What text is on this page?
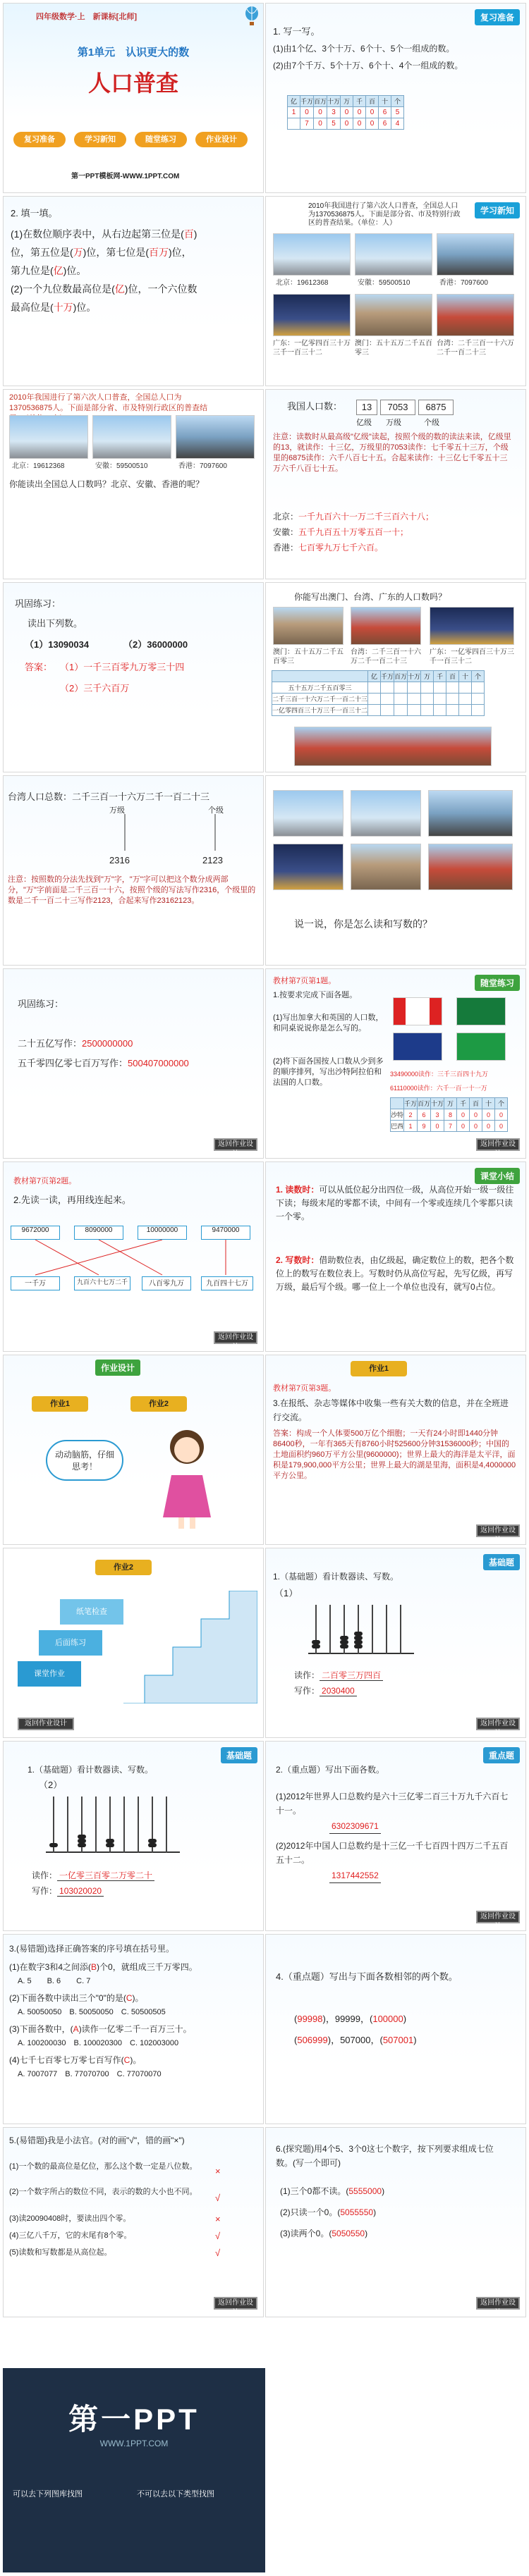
四年级数学·上　新课标[北师]
第1单元　认识更大的数
人口普查
复习准备	学习新知	随堂练习	作业设计
第一PPT模板网-WWW.1PPT.COM
复习准备
1. 写一写。
(1)由1个亿、3个十万、6个十、5个一组成的数。
(2)由7个千万、5个十万、6个十、4个一组成的数。
亿	千万	百万	十万	万	千	百	十	个
1	0	0	3	0	0	0	6	5
	7	0	5	0	0	0	6	4
2. 填一填。
(1)在数位顺序表中，从右边起第三位是(百)
位，第五位是(万)位，第七位是(百万)位，
第九位是(亿)位。
(2)一个九位数最高位是(亿)位，一个六位数
最高位是(十万)位。
学习新知
2010年我国进行了第六次人口普查，全国总人口为1370536875人。下面是部分省、市及特别行政区的普查结果。（单位：人）
北京：19612368	安徽：59500510	香港：7097600
广东：一亿零四百三十万三千一百三十二
澳门：五十五万二千五百零三
台湾：二千三百一十六万二千一百二十三
2010年我国进行了第六次人口普查，全国总人口为1370536875人。下面是部分省、市及特别行政区的普查结
北京：19612368	安徽：59500510	香港：7097600
你能读出全国总人口数吗？北京、安徽、香港的呢？
我国人口数：	13	7053	6875
亿级 万级	个级
注意：读数时从最高级"亿级"读起，按照个级的数的读法来读，亿级里的13，就读作：十三亿，万级里的7053读作：七千零五十三万，个级里的6875读作：六千八百七十五。合起来读作：十三亿七千零五十三万六千八百七十五。
北京：一千九百六十一万二千三百六十八；
安徽：五千九百五十万零五百一十；
香港：七百零九万七千六百。
巩固练习：
读出下列数。
（1）13090034	（2）36000000
答案： （1）一千三百零九万零三十四
（2）三千六百万
你能写出澳门、台湾、广东的人口数吗？
澳门：五十五万二千五百零三
台湾：二千三百一十六万二千一百二十三
广东：一亿零四百三十万三千一百三十二
	亿	千万	百万	十万	万	千	百	十	个
五十五万二千五百零三									
二千三百一十六万二千一百二十三									
一亿零四百三十万三千一百三十二									
台湾人口总数：二千三百一十六万二千一百二十三
万级	个级
2316	2123
注意：按照数的分法先找到"万"字，"万"字可以把这个数分成两部分，"万"字前面是二千三百一十六，按照个级的写法写作2316，个级里的数是二千一百二十三写作2123，合起来写作23162123。
说一说，你是怎么读和写数的？
巩固练习：
二十五亿写作：2500000000
五千零四亿零七百万写作：500407000000
返回作业设计
随堂练习
教材第7页第1题。
1.按要求完成下面各题。
(1)写出加拿大和英国的人口数，和同桌说说你是怎么写的。
(2)将下面各国按人口数从少到多的顺序排列，写出沙特阿拉伯和法国的人口数。
33490000读作：三千三百四十九万
61110000读作：六千一百一十一万
	千万	百万	十万	万	千	百	十	个
沙特	2	6	3	8	0	0	0	0
巴西	1	9	0	7	0	0	0	0
返回作业设计
教材第7页第2题。
2.先读一读，再用线连起来。
9672000	8090000	10000000	9470000
一千万	九百六十七万二千	八百零九万	九百四十七万
返回作业设计
课堂小结
1. 读数时：可以从低位起分出四位一级，从高位开始一级一级往下读；每级末尾的零都不读，中间有一个零或连续几个零都只读一个零。
2. 写数时：借助数位表，由亿级起，确定数位上的数，把各个数位上的数写在数位表上。写数时仍从高位写起，先写亿级，再写万级，最后写个级。哪一位上一个单位也没有，就写0占位。
作业设计
作业1	作业2
动动脑筋，仔细思考！
作业1
教材第7页第3题。
3.在报纸、杂志等媒体中收集一些有关大数的信息，并在全班进行交流。
答案：构成一个人体要500万亿个细胞；一天有24小时即1440分钟86400秒，一年有365天有8760小时525600分钟31536000秒；中国的土地面积约960万平方公里(9600000)；世界上最大的海洋是太平洋，面积是179,900,000平方公里；世界上最大的湖是里海，面积是4,4000000平方公里。
返回作业设计
作业2
课堂作业
后面练习
纸笔检查
返回作业设计
基础题
1.（基础题）看计数器读、写数。
（1）
读作： 二百零三万四百
写作： 2030400
返回作业设计
基础题
1.（基础题）看计数器读、写数。
（2）
读作： 一亿零三百零二万零二十
写作： 103020020
重点题
2.（重点题）写出下面各数。
(1)2012年世界人口总数约是六十三亿零二百三十万九千六百七十一。
6302309671
(2)2012年中国人口总数约是十三亿一千七百四十四万二千五百五十二。
1317442552
返回作业设计
3.(易错题)选择正确答案的序号填在括号里。
(1)在数字3和4之间添(B)个0，就组成三千万零四。
A. 5　　B. 6　　C. 7
(2)下面各数中读出三个"0"的是(C)。
A. 50050050　B. 50050050　C. 50500505
(3)下面各数中，(A)读作一亿零二千一百万三十。
A. 100200030　B. 100020300　C. 102003000
(4)七千七百零七万零七百写作(C)。
A. 7007077　B. 77070700　C. 77070070
4.（重点题）写出与下面各数相邻的两个数。
(99998)，99999，(100000)
(506999)，507000，(507001)
5.(易错题)我是小法官。(对的画"√"，错的画"×")
(1)一个数的最高位是亿位，那么这个数一定是八位数。	×
(2)一个数字所占的数位不同，表示的数的大小也不同。
√
(3)读20090408时，要读出四个零。	×
(4)三亿八千万，它的末尾有8个零。	√
(5)读数和写数都是从高位起。	√
返回作业设计
6.(探究题)用4个5、3个0这七个数字，按下列要求组成七位数。(写一个即可)
(1)三个0都不读。(5555000)
(2)只读一个0。(5055550)
(3)读两个0。(5050550)
返回作业设计
第一PPT
WWW.1PPT.COM
可以去下列图库找图	不可以去以下类型找图
